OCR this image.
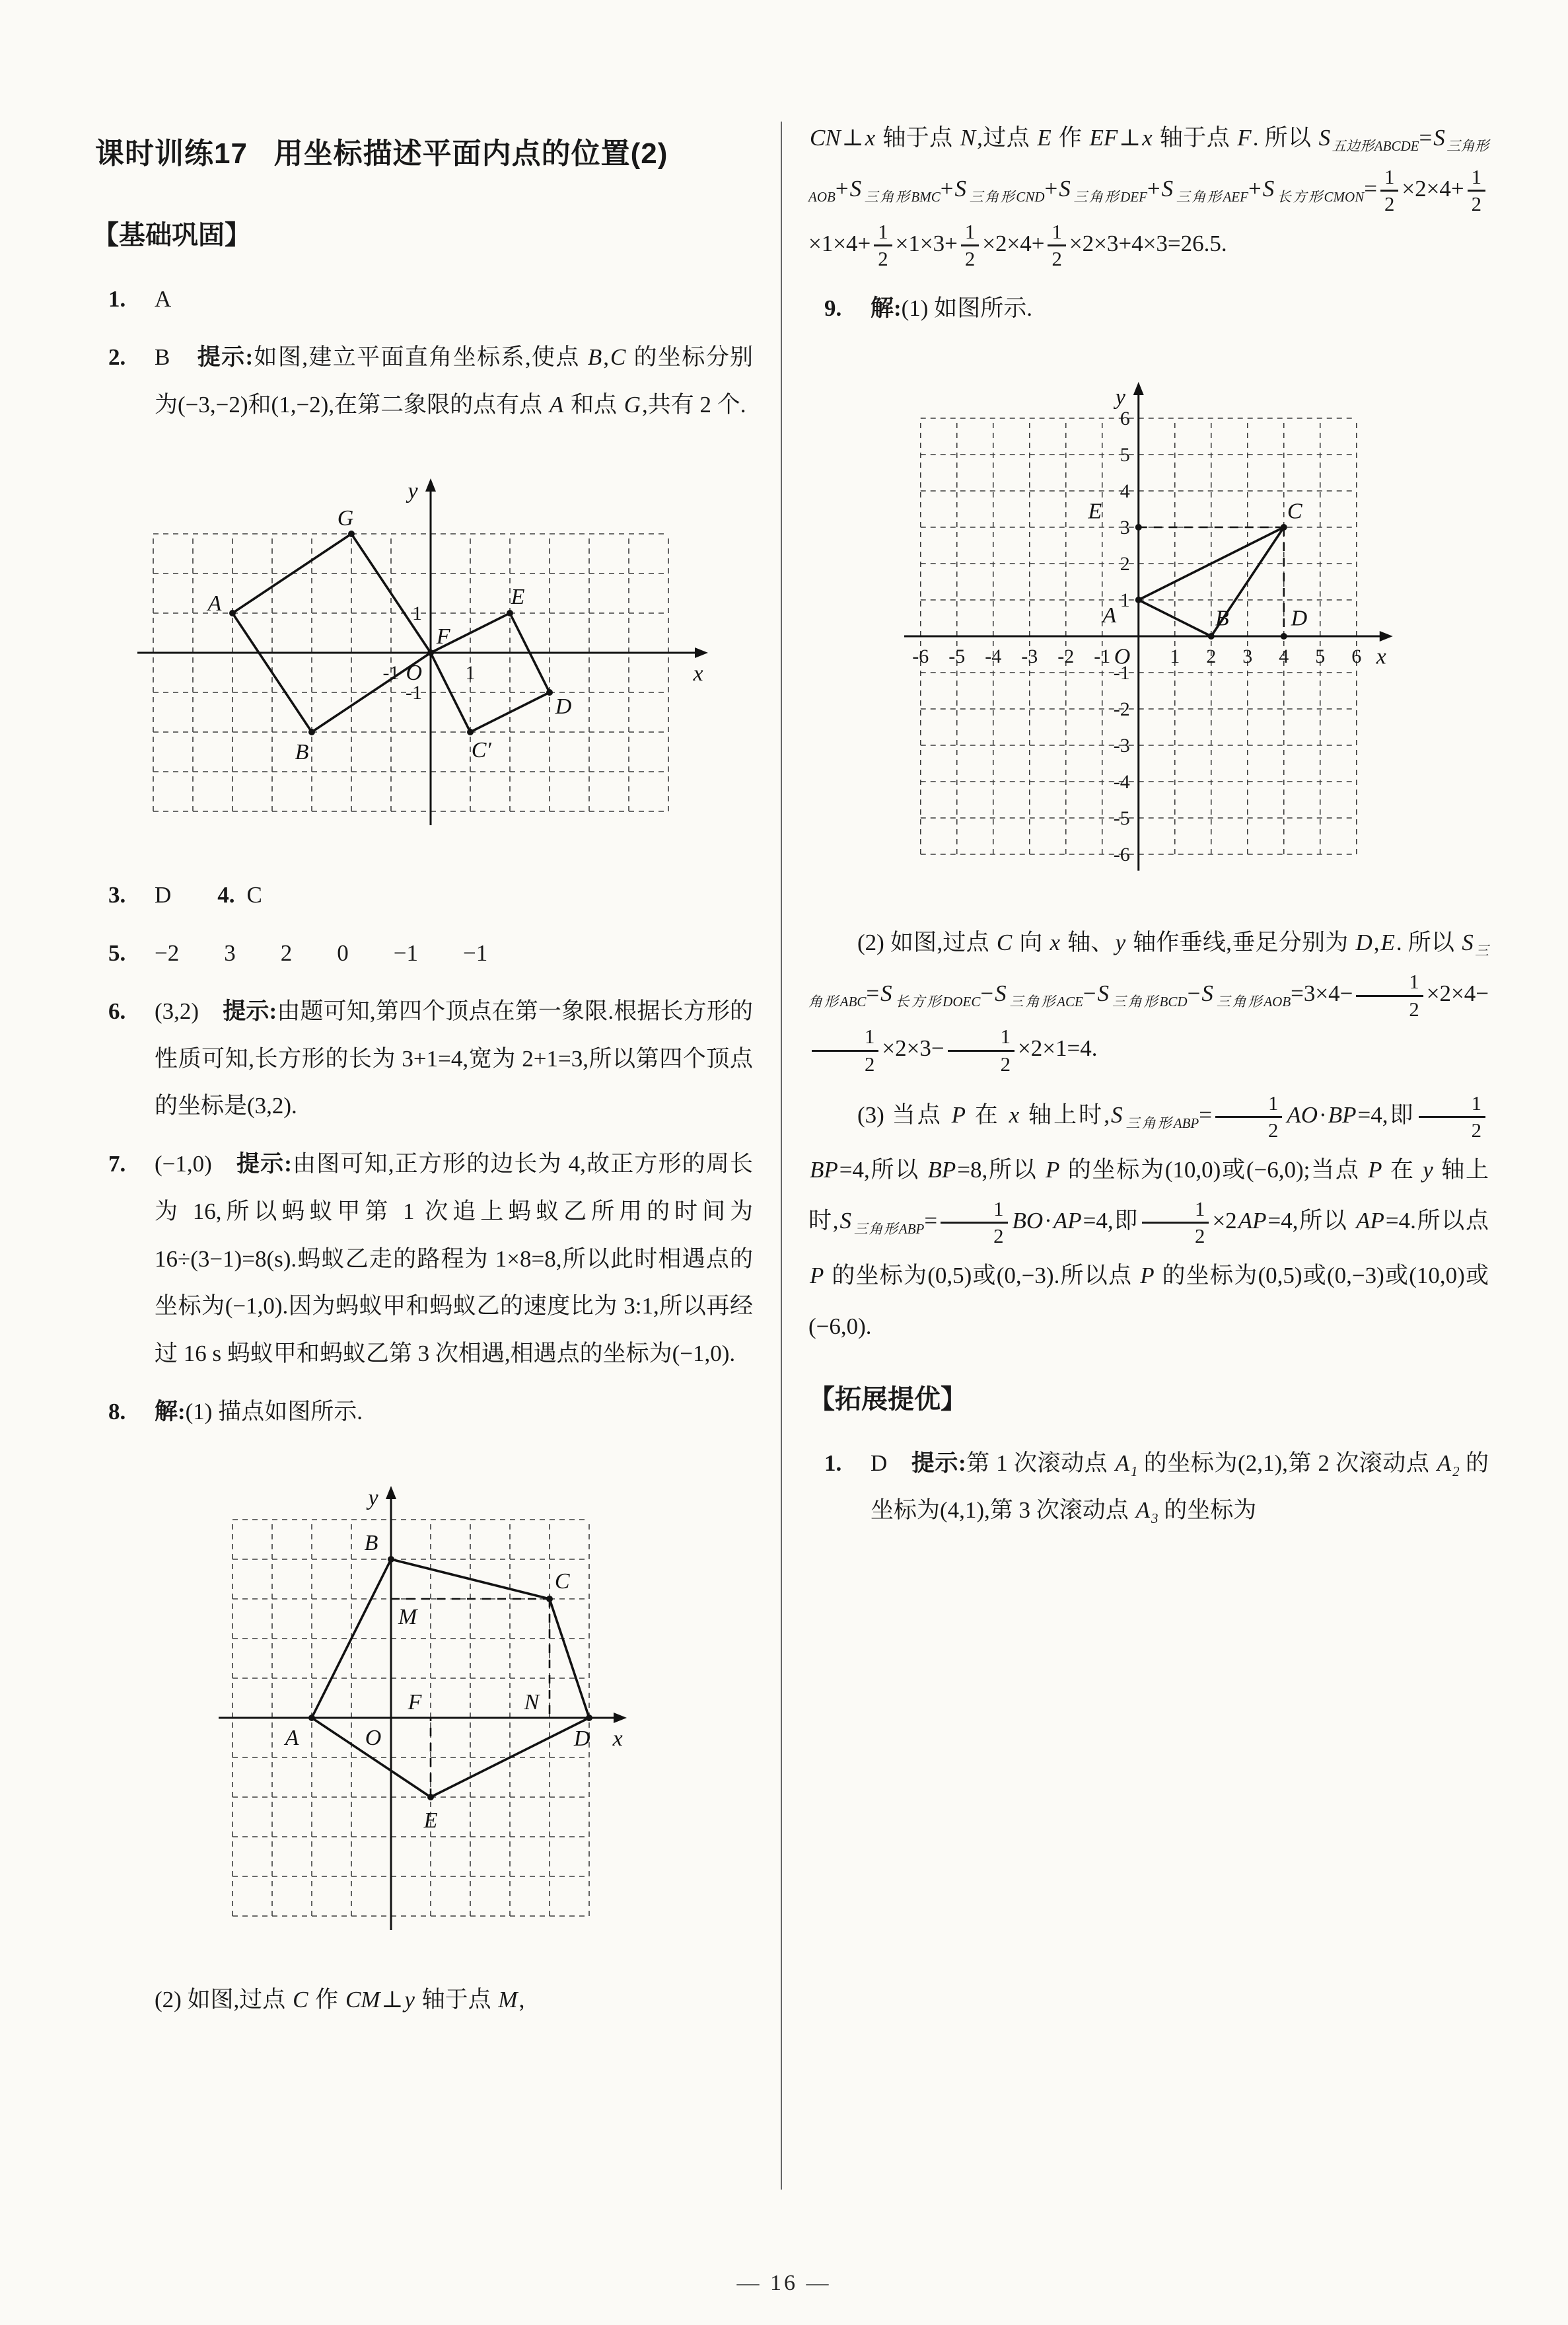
课时训练17   用坐标描述平面内点的位置(2)
【基础巩固】
1. A
2. B 提示:如图,建立平面直角坐标系,使点 B,C 的坐标分别为(−3,−2)和(1,−2),在第二象限的点有点 A 和点 G,共有 2 个.
-1	1
-1
1
A
G
E
F
B	C′
D
O	x
y
3. D 4. C
5. −2 3 2 0 −1 −1
6. (3,2) 提示:由题可知,第四个顶点在第一象限.根据长方形的性质可知,长方形的长为 3+1=4,宽为 2+1=3,所以第四个顶点的坐标是(3,2).
7. (−1,0) 提示:由图可知,正方形的边长为 4,故正方形的周长为 16,所以蚂蚁甲第 1 次追上蚂蚁乙所用的时间为 16÷(3−1)=8(s).蚂蚁乙走的路程为 1×8=8,所以此时相遇点的坐标为(−1,0).因为蚂蚁甲和蚂蚁乙的速度比为 3:1,所以再经过 16 s 蚂蚁甲和蚂蚁乙第 3 次相遇,相遇点的坐标为(−1,0).
8. 解:(1) 描点如图所示.
B
C
M
F	N
A	O	D
E
x
y
(2) 如图,过点 C 作 CM⊥y 轴于点 M,
CN⊥x 轴于点 N,过点 E 作 EF⊥x 轴于点 F. 所以 $S_{五边形ABCDE}=S_{三角形AOB}+S_{三角形BMC}+S_{三角形CND}+S_{三角形DEF}+S_{三角形AEF}+S_{长方形CMON}= \frac{1}{2} \times 2\times 4+ \frac{1}{2}$
$\times 1\times 4+ \frac{1}{2} \times 1\times 3+ \frac{1}{2} \times 2\times 4+ \frac{1}{2} \times 2\times 3+4\times 3=26.5$.
9. 解:(1) 如图所示.
-6 -5 -4 -3 -2 -1	1 2 3 4 5 6
-6
-5
-4
-3
-2
-1
1
2
3
4
5
6
E	C
A	B	D
O	x
y
(2) 如图,过点 C 向 x 轴、y 轴作垂线,垂足分别为 D,E. 所以 $S_{三角形ABC}=S_{长方形DOEC}-S_{三角形ACE}-S_{三角形BCD}-S_{三角形AOB}=3\times 4- \frac{1}{2} \times 2\times 4-$
$\frac{1}{2} \times 2\times 3- \frac{1}{2} \times 2\times 1=4$.
(3) 当点 P 在 x 轴上时$,S_{三角形ABP}= \frac{1}{2} AO\cdot BP=4$,即 $\frac{1}{2}$
BP=4,所以 BP=8,所以 P 的坐标为(10,0)或(−6,0);当点 P 在 y 轴上时$,S_{三角形ABP}= \frac{1}{2} BO\cdot AP=4$,即 $\frac{1}{2} \times 2AP=4$,所以 AP=4.所以点 P 的坐标为(0,5)或(0,−3).所以点 P 的坐标为(0,5)或(0,−3)或(10,0)或(−6,0).
【拓展提优】
1. D 提示:第 1 次滚动点 $A_1$ 的坐标为(2,1),第 2 次滚动点 $A_2$ 的坐标为(4,1),第 3 次滚动点 $A_3$ 的坐标为
— 16 —
